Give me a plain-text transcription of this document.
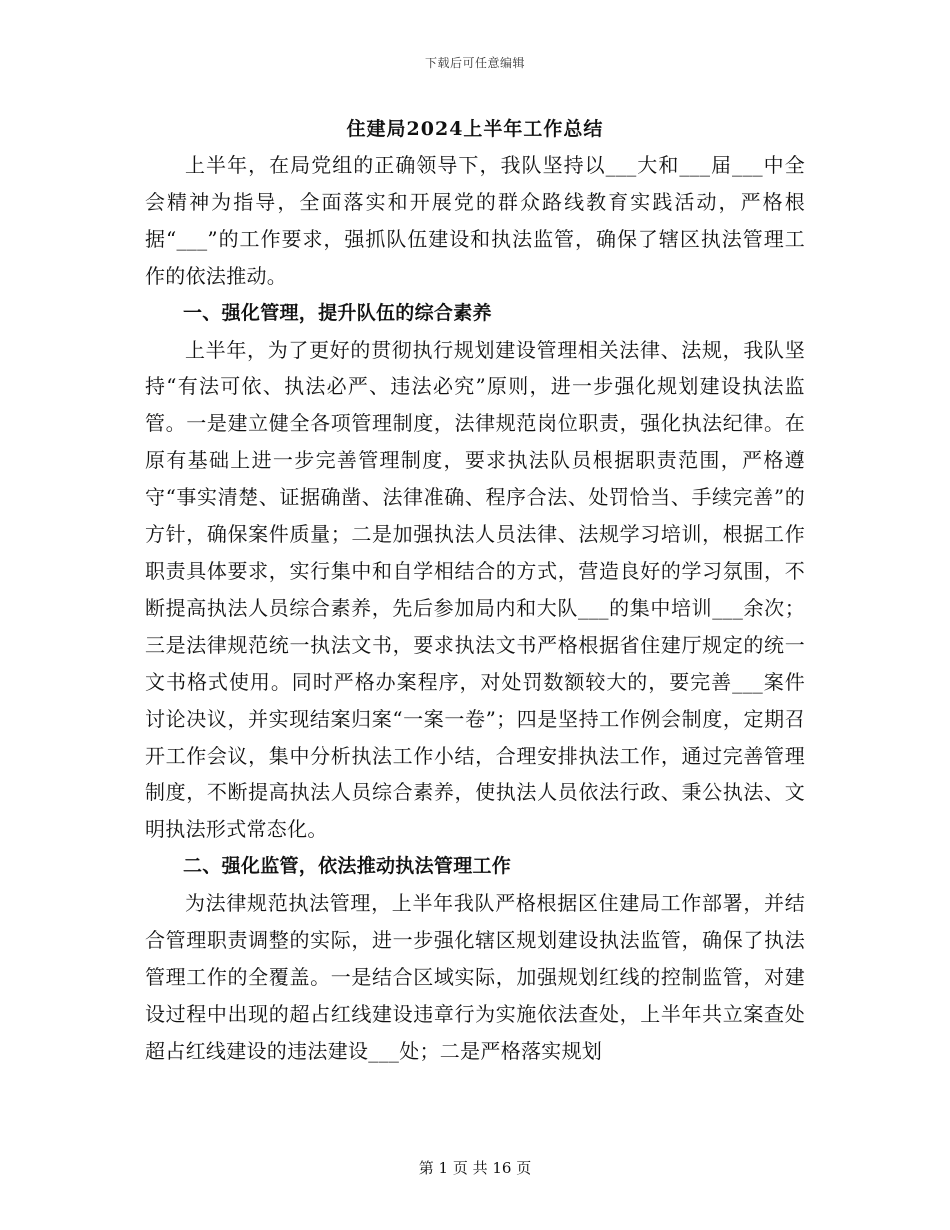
下载后可任意编辑
住建局2024上半年工作总结

上半年，在局党组的正确领导下，我队坚持以___大和___届___中全会精神为指导，全面落实和开展党的群众路线教育实践活动，严格根据“___”的工作要求，强抓队伍建设和执法监管，确保了辖区执法管理工作的依法推动。

一、强化管理，提升队伍的综合素养

上半年，为了更好的贯彻执行规划建设管理相关法律、法规，我队坚持“有法可依、执法必严、违法必究”原则，进一步强化规划建设执法监管。一是建立健全各项管理制度，法律规范岗位职责，强化执法纪律。在原有基础上进一步完善管理制度，要求执法队员根据职责范围，严格遵守“事实清楚、证据确凿、法律准确、程序合法、处罚恰当、手续完善”的方针，确保案件质量；二是加强执法人员法律、法规学习培训，根据工作职责具体要求，实行集中和自学相结合的方式，营造良好的学习氛围，不断提高执法人员综合素养，先后参加局内和大队___的集中培训___余次；三是法律规范统一执法文书，要求执法文书严格根据省住建厅规定的统一文书格式使用。同时严格办案程序，对处罚数额较大的，要完善___案件讨论决议，并实现结案归案“一案一卷”；四是坚持工作例会制度，定期召开工作会议，集中分析执法工作小结，合理安排执法工作，通过完善管理制度，不断提高执法人员综合素养，使执法人员依法行政、秉公执法、文明执法形式常态化。

二、强化监管，依法推动执法管理工作

为法律规范执法管理，上半年我队严格根据区住建局工作部署，并结合管理职责调整的实际，进一步强化辖区规划建设执法监管，确保了执法管理工作的全覆盖。一是结合区域实际，加强规划红线的控制监管，对建设过程中出现的超占红线建设违章行为实施依法查处，上半年共立案查处超占红线建设的违法建设___处；二是严格落实规划

第 1 页 共 16 页
